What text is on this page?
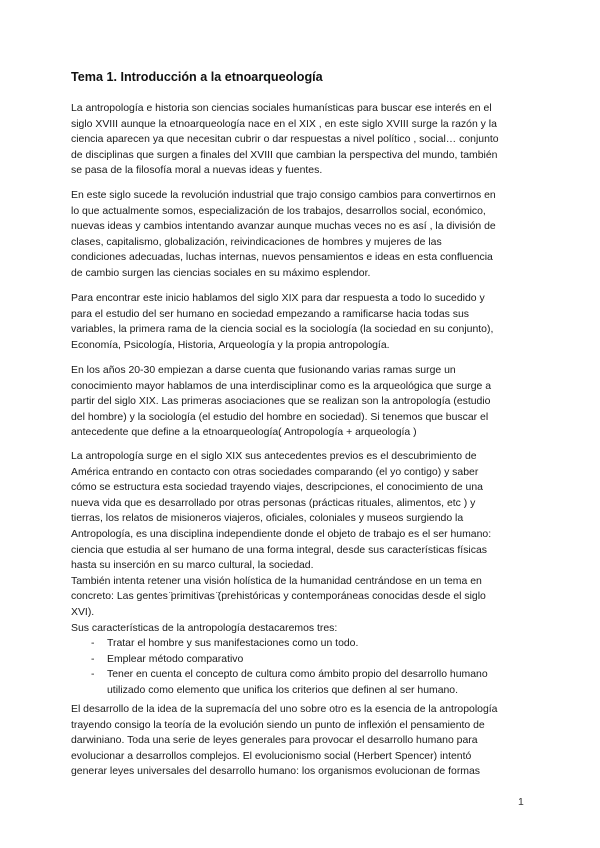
Tema 1. Introducción a la etnoarqueología
La antropología e historia son ciencias sociales humanísticas para buscar ese interés en el
siglo XVIII aunque la etnoarqueología nace en el XIX , en este siglo XVIII surge la razón y la
ciencia aparecen ya que necesitan cubrir o dar respuestas a nivel político , social… conjunto
de disciplinas que surgen a finales del XVIII que cambian la perspectiva del mundo, también
se pasa de la filosofía moral a nuevas ideas y fuentes.
En este siglo sucede la revolución industrial que trajo consigo cambios para convertirnos en
lo que actualmente somos, especialización de los trabajos, desarrollos social, económico,
nuevas ideas y cambios intentando avanzar aunque muchas veces no es así , la división de
clases, capitalismo, globalización, reivindicaciones de hombres y mujeres de las
condiciones adecuadas, luchas internas, nuevos pensamientos e ideas en esta confluencia
de cambio surgen las ciencias sociales en su máximo esplendor.
Para encontrar este inicio hablamos del siglo XIX para dar respuesta a todo lo sucedido y
para el estudio del ser humano en sociedad empezando a ramificarse hacia todas sus
variables, la primera rama de la ciencia social es la sociología (la sociedad en su conjunto),
Economía, Psicología, Historia, Arqueología y la propia antropología.
En los años 20-30 empiezan a darse cuenta que fusionando varias ramas surge un
conocimiento mayor hablamos de una interdisciplinar como es la arqueológica que surge a
partir del siglo XIX. Las primeras asociaciones que se realizan son la antropología (estudio
del hombre) y la sociología (el estudio del hombre en sociedad). Si tenemos que buscar el
antecedente que define a la etnoarqueología( Antropología + arqueología )
La antropología surge en el siglo XIX sus antecedentes previos es el descubrimiento de
América entrando en contacto con otras sociedades comparando (el yo contigo) y saber
cómo se estructura esta sociedad trayendo viajes, descripciones, el conocimiento de una
nueva vida que es desarrollado por otras personas (prácticas rituales, alimentos, etc ) y
tierras, los relatos de misioneros viajeros, oficiales, coloniales y museos surgiendo la
Antropología, es una disciplina independiente donde el objeto de trabajo es el ser humano:
ciencia que estudia al ser humano de una forma integral, desde sus características físicas
hasta su inserción en su marco cultural, la sociedad.
También intenta retener una visión holística de la humanidad centrándose en un tema en
concreto: Las gentes ̈primitivas ̈(prehistóricas y contemporáneas conocidas desde el siglo
XVI).
Sus características de la antropología destacaremos tres:
- Tratar el hombre y sus manifestaciones como un todo.
- Emplear método comparativo
- Tener en cuenta el concepto de cultura como ámbito propio del desarrollo humano
utilizado como elemento que unifica los criterios que definen al ser humano.
El desarrollo de la idea de la supremacía del uno sobre otro es la esencia de la antropología
trayendo consigo la teoría de la evolución siendo un punto de inflexión el pensamiento de
darwiniano. Toda una serie de leyes generales para provocar el desarrollo humano para
evolucionar a desarrollos complejos. El evolucionismo social (Herbert Spencer) intentó
generar leyes universales del desarrollo humano: los organismos evolucionan de formas
1
